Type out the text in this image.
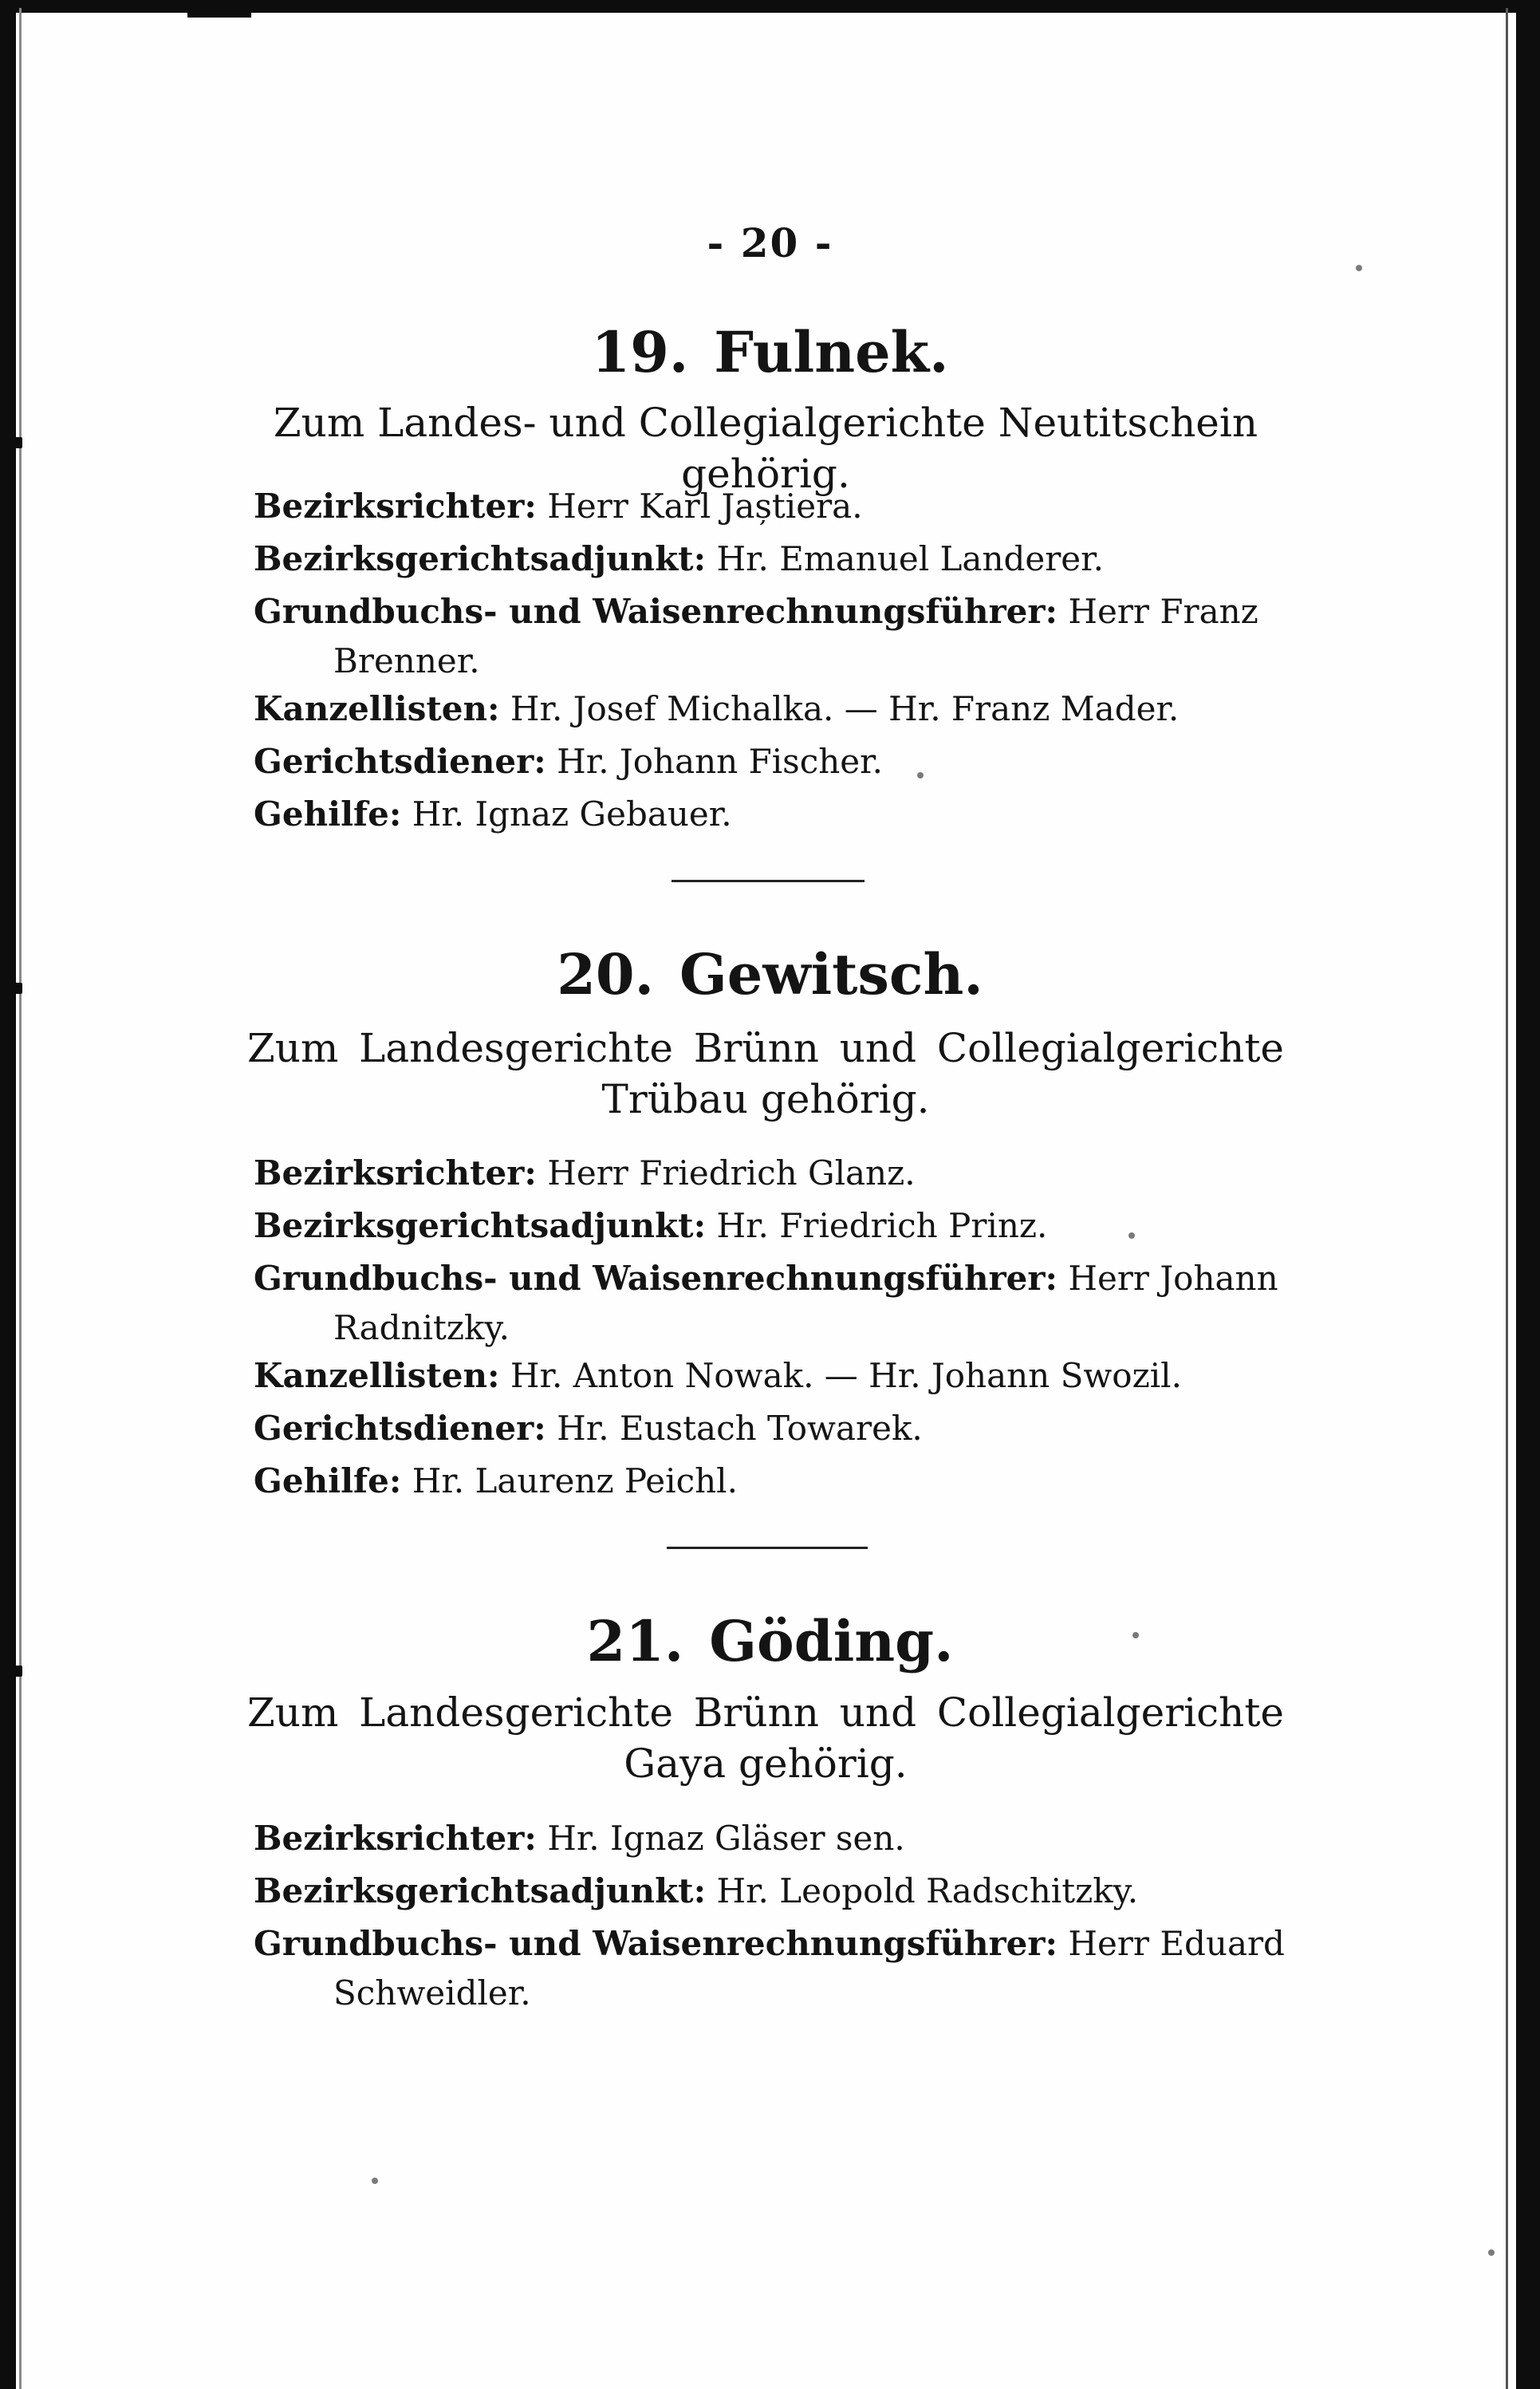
- 20 -
19. Fulnek.
Zum Landes- und Collegialgerichte Neutitschein gehörig.
Bezirksrichter: Herr Karl Jaștiera.
Bezirksgerichtsadjunkt: Hr. Emanuel Landerer.
Grundbuchs- und Waisenrechnungsführer: Herr Franz
Brenner.
Kanzellisten: Hr. Josef Michalka. — Hr. Franz Mader.
Gerichtsdiener: Hr. Johann Fischer.
Gehilfe: Hr. Ignaz Gebauer.
20. Gewitsch.
Zum Landesgerichte Brünn und Collegialgerichte Trübau gehörig.
Bezirksrichter: Herr Friedrich Glanz.
Bezirksgerichtsadjunkt: Hr. Friedrich Prinz.
Grundbuchs- und Waisenrechnungsführer: Herr Johann
Radnitzky.
Kanzellisten: Hr. Anton Nowak. — Hr. Johann Swozil.
Gerichtsdiener: Hr. Eustach Towarek.
Gehilfe: Hr. Laurenz Peichl.
21. Göding.
Zum Landesgerichte Brünn und Collegialgerichte Gaya gehörig.
Bezirksrichter: Hr. Ignaz Gläser sen.
Bezirksgerichtsadjunkt: Hr. Leopold Radschitzky.
Grundbuchs- und Waisenrechnungsführer: Herr Eduard
Schweidler.
